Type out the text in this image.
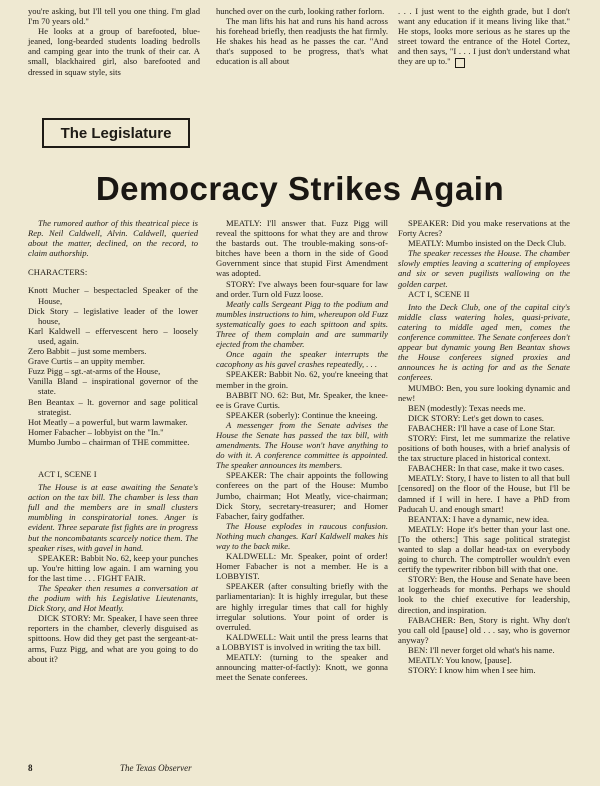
you're asking, but I'll tell you one thing. I'm glad I'm 70 years old."

He looks at a group of barefooted, blue-jeaned, long-bearded students loading bedrolls and camping gear into the trunk of their car. A small, blackhaired girl, also barefooted and dressed in squaw style, sits

hunched over on the curb, looking rather forlorn.

The man lifts his hat and runs his hand across his forehead briefly, then readjusts the hat firmly. He shakes his head as he passes the car. "And that's supposed to be progress, that's what education is all about

. . . I just went to the eighth grade, but I don't want any education if it means living like that." He stops, looks more serious as he stares up the street toward the entrance of the Hotel Cortez, and then says, "I . . . I just don't understand what they are up to."

The Legislature
Democracy Strikes Again

The rumored author of this theatrical piece is Rep. Neil Caldwell, Alvin. Caldwell, queried about the matter, declined, on the record, to claim authorship.

CHARACTERS:

Knott Mucher – bespectacled Speaker of the House,

Dick Story – legislative leader of the lower house,

Karl Kaldwell – effervescent hero – loosely used, again.

Zero Babbit – just some members.

Grave Curtis – an uppity member.

Fuzz Pigg – sgt.-at-arms of the House,

Vanilla Bland – inspirational governor of the state.

Ben Beantax – lt. governor and sage political strategist.

Hot Meatly – a powerful, but warm lawmaker.

Homer Fabacher – lobbyist on the "In."

Mumbo Jumbo – chairman of THE committee.

ACT I, SCENE I

The House is at ease awaiting the Senate's action on the tax bill. The chamber is less than full and the members are in small clusters mumbling in conspiratorial tones. Anger is evident. Three separate fist fights are in progress but the noncombatants scarcely notice them. The speaker rises, with gavel in hand.

SPEAKER: Babbit No. 62, keep your punches up. You're hitting low again. I am warning you for the last time . . . FIGHT FAIR.

The Speaker then resumes a conversation at the podium with his Legislative Lieutenants, Dick Story, and Hot Meatly.

DICK STORY: Mr. Speaker, I have seen three reporters in the chamber, cleverly disguised as spittoons. How did they get past the sergeant-at-arms, Fuzz Pigg, and what are you going to do about it?

MEATLY: I'll answer that. Fuzz Pigg will reveal the spittoons for what they are and throw the bastards out. The trouble-making sons-of-bitches have been a thorn in the side of Good Government since that stupid First Amendment was adopted.

STORY: I've always been four-square for law and order. Turn old Fuzz loose.

Meatly calls Sergeant Pigg to the podium and mumbles instructions to him, whereupon old Fuzz systematically goes to each spittoon and spits. Three of them complain and are summarily ejected from the chamber.

Once again the speaker interrupts the cacophony as his gavel crashes repeatedly, . . .

SPEAKER: Babbit No. 62, you're kneeing that member in the groin.

BABBIT NO. 62: But, Mr. Speaker, the knee-ee is Grave Curtis.

SPEAKER (soberly): Continue the kneeing.

A messenger from the Senate advises the House the Senate has passed the tax bill, with amendments. The House won't have anything to do with it. A conference committee is appointed. The speaker announces its members.

SPEAKER: The chair appoints the following conferees on the part of the House: Mumbo Jumbo, chairman; Hot Meatly, vice-chairman; Dick Story, secretary-treasurer; and Homer Fabacher, fairy godfather.

The House explodes in raucous confusion. Nothing much changes. Karl Kaldwell makes his way to the back mike.

KALDWELL: Mr. Speaker, point of order! Homer Fabacher is not a member. He is a LOBBYIST.

SPEAKER (after consulting briefly with the parliamentarian): It is highly irregular, but these are highly irregular times that call for highly irregular solutions. Your point of order is overruled.

KALDWELL: Wait until the press learns that a LOBBYIST is involved in writing the tax bill.

MEATLY: (turning to the speaker and announcing matter-of-factly): Knott, we gonna meet the Senate conferees.

SPEAKER: Did you make reservations at the Forty Acres?

MEATLY: Mumbo insisted on the Deck Club.

The speaker recesses the House. The chamber slowly empties leaving a scattering of employees and six or seven pugilists wallowing on the golden carpet.

ACT I, SCENE II

Into the Deck Club, one of the capital city's middle class watering holes, quasi-private, catering to middle aged men, comes the conference committee. The Senate conferees don't appear but dynamic young Ben Beantax shows the House conferees signed proxies and announces he is acting for and as the Senate conferees.

MUMBO: Ben, you sure looking dynamic and new!

BEN (modestly): Texas needs me.

DICK STORY: Let's get down to cases.

FABACHER: I'll have a case of Lone Star.

STORY: First, let me summarize the relative positions of both houses, with a brief analysis of the tax structure placed in historical context.

FABACHER: In that case, make it two cases.

MEATLY: Story, I have to listen to all that bull [censored] on the floor of the House, but I'll be damned if I will in here. I have a PhD from Paducah U. and enough smart!

BEANTAX: I have a dynamic, new idea.

MEATLY: Hope it's better than your last one. [To the others:] This sage political strategist wanted to slap a dollar head-tax on everybody going to church. The comptroller wouldn't even certify the typewriter ribbon bill with that one.

STORY: Ben, the House and Senate have been at loggerheads for months. Perhaps we should look to the chief executive for leadership, direction, and inspiration.

FABACHER: Ben, Story is right. Why don't you call old [pause] old . . . say, who is governor anyway?

BEN: I'll never forget old what's his name.

MEATLY: You know, [pause].

STORY: I know him when I see him.

8	The Texas Observer
